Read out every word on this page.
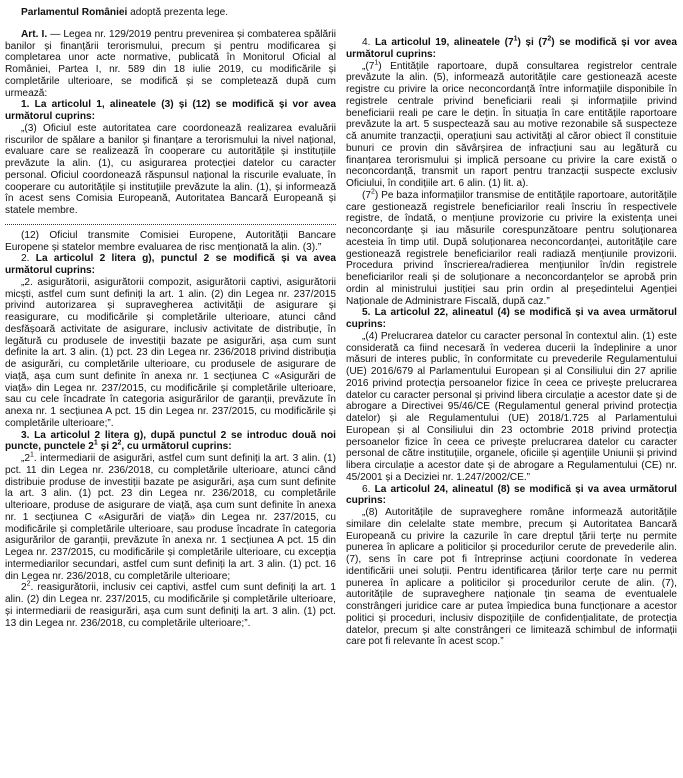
Parlamentul României adoptă prezenta lege.

Art. I. — Legea nr. 129/2019 pentru prevenirea și combaterea spălării banilor și finanțării terorismului, precum și pentru modificarea și completarea unor acte normative, publicată în Monitorul Oficial al României, Partea I, nr. 589 din 18 iulie 2019, cu modificările și completările ulterioare, se modifică și se completează după cum urmează:

1. La articolul 1, alineatele (3) și (12) se modifică și vor avea următorul cuprins:

„(3) Oficiul este autoritatea care coordonează realizarea evaluării riscurilor de spălare a banilor și finanțare a terorismului la nivel național, evaluare care se realizează în cooperare cu autoritățile și instituțiile prevăzute la alin. (1), cu asigurarea protecției datelor cu caracter personal. Oficiul coordonează răspunsul național la riscurile evaluate, în cooperare cu autoritățile și instituțiile prevăzute la alin. (1), și informează în acest sens Comisia Europeană, Autoritatea Bancară Europeană și statele membre.

(12) Oficiul transmite Comisiei Europene, Autorității Bancare Europene și statelor membre evaluarea de risc menționată la alin. (3).”

2. La articolul 2 litera g), punctul 2 se modifică și va avea următorul cuprins:

„2. asigurătorii, asigurătorii compozit, asigurătorii captivi, asigurătorii micști, astfel cum sunt definiți la art. 1 alin. (2) din Legea nr. 237/2015 privind autorizarea și supravegherea activității de asigurare și reasigurare, cu modificările și completările ulterioare, atunci când desfășoară activitate de asigurare, inclusiv activitate de distribuție, în legătură cu produsele de investiții bazate pe asigurări, așa cum sunt definite la art. 3 alin. (1) pct. 23 din Legea nr. 236/2018 privind distribuția de asigurări, cu completările ulterioare, cu produsele de asigurare de viață, așa cum sunt definite în anexa nr. 1 secțiunea C «Asigurări de viață» din Legea nr. 237/2015, cu modificările și completările ulterioare, sau cu cele încadrate în categoria asigurărilor de garanții, prevăzute în anexa nr. 1 secțiunea A pct. 15 din Legea nr. 237/2015, cu modificările și completările ulterioare;”.

3. La articolul 2 litera g), după punctul 2 se introduc două noi puncte, punctele $2^1$ și $2^2$, cu următorul cuprins:

$„2^1$. intermediarii de asigurări, astfel cum sunt definiți la art. 3 alin. (1) pct. 11 din Legea nr. 236/2018, cu completările ulterioare, atunci când distribuie produse de investiții bazate pe asigurări, așa cum sunt definite la art. 3 alin. (1) pct. 23 din Legea nr. 236/2018, cu completările ulterioare, produse de asigurare de viață, așa cum sunt definite în anexa nr. 1 secțiunea C «Asigurări de viață» din Legea nr. 237/2015, cu modificările și completările ulterioare, sau produse încadrate în categoria asigurărilor de garanții, prevăzute în anexa nr. 1 secțiunea A pct. 15 din Legea nr. 237/2015, cu modificările și completările ulterioare, cu excepția intermediarilor secundari, astfel cum sunt definiți la art. 3 alin. (1) pct. 16 din Legea nr. 236/2018, cu completările ulterioare;

$2^2$. reasigurătorii, inclusiv cei captivi, astfel cum sunt definiți la art. 1 alin. (2) din Legea nr. 237/2015, cu modificările și completările ulterioare, și intermediarii de reasigurări, așa cum sunt definiți la art. 3 alin. (1) pct. 13 din Legea nr. 236/2018, cu completările ulterioare;”.

4. La articolul 19, alineatele $(7^1)$ și $(7^2)$ se modifică și vor avea următorul cuprins:

$„(7^1)$ Entitățile raportoare, după consultarea registrelor centrale prevăzute la alin. (5), informează autoritățile care gestionează aceste registre cu privire la orice neconcordanță între informațiile disponibile în registrele centrale privind beneficiarii reali și informațiile privind beneficiarii reali pe care le dețin. În situația în care entitățile raportoare prevăzute la art. 5 suspectează sau au motive rezonabile să suspecteze că anumite tranzacții, operațiuni sau activități al căror obiect îl constituie bunuri ce provin din săvârșirea de infracțiuni sau au legătură cu finanțarea terorismului și implică persoane cu privire la care există o neconcordanță, transmit un raport pentru tranzacții suspecte exclusiv Oficiului, în condițiile art. 6 alin. (1) lit. a).

$(7^2)$ Pe baza informațiilor transmise de entitățile raportoare, autoritățile care gestionează registrele beneficiarilor reali înscriu în respectivele registre, de îndată, o mențiune provizorie cu privire la existența unei neconcordanțe și iau măsurile corespunzătoare pentru soluționarea acesteia în timp util. După soluționarea neconcordanței, autoritățile care gestionează registrele beneficiarilor reali radiază mențiunile provizorii. Procedura privind înscrierea/radierea mențiunilor în/din registrele beneficiarilor reali și de soluționare a neconcordanțelor se aprobă prin ordin al ministrului justiției sau prin ordin al președintelui Agenției Naționale de Administrare Fiscală, după caz.”

5. La articolul 22, alineatul (4) se modifică și va avea următorul cuprins:

„(4) Prelucrarea datelor cu caracter personal în contextul alin. (1) este considerată ca fiind necesară în vederea ducerii la îndeplinire a unor măsuri de interes public, în conformitate cu prevederile Regulamentului (UE) 2016/679 al Parlamentului European și al Consiliului din 27 aprilie 2016 privind protecția persoanelor fizice în ceea ce privește prelucrarea datelor cu caracter personal și privind libera circulație a acestor date și de abrogare a Directivei 95/46/CE (Regulamentul general privind protecția datelor) și ale Regulamentului (UE) 2018/1.725 al Parlamentului European și al Consiliului din 23 octombrie 2018 privind protecția persoanelor fizice în ceea ce privește prelucrarea datelor cu caracter personal de către instituțiile, organele, oficiile și agențiile Uniunii și privind libera circulație a acestor date și de abrogare a Regulamentului (CE) nr. 45/2001 și a Deciziei nr. 1.247/2002/CE.”

6. La articolul 24, alineatul (8) se modifică și va avea următorul cuprins:

„(8) Autoritățile de supraveghere române informează autoritățile similare din celelalte state membre, precum și Autoritatea Bancară Europeană cu privire la cazurile în care dreptul țării terțe nu permite punerea în aplicare a politicilor și procedurilor cerute de prevederile alin. (7), sens în care pot fi întreprinse acțiuni coordonate în vederea identificării unei soluții. Pentru identificarea țărilor terțe care nu permit punerea în aplicare a politicilor și procedurilor cerute de alin. (7), autoritățile de supraveghere naționale țin seama de eventualele constrângeri juridice care ar putea împiedica buna funcționare a acestor politici și proceduri, inclusiv dispozițiile de confidențialitate, de protecția datelor, precum și alte constrângeri ce limitează schimbul de informații care pot fi relevante în acest scop.”
